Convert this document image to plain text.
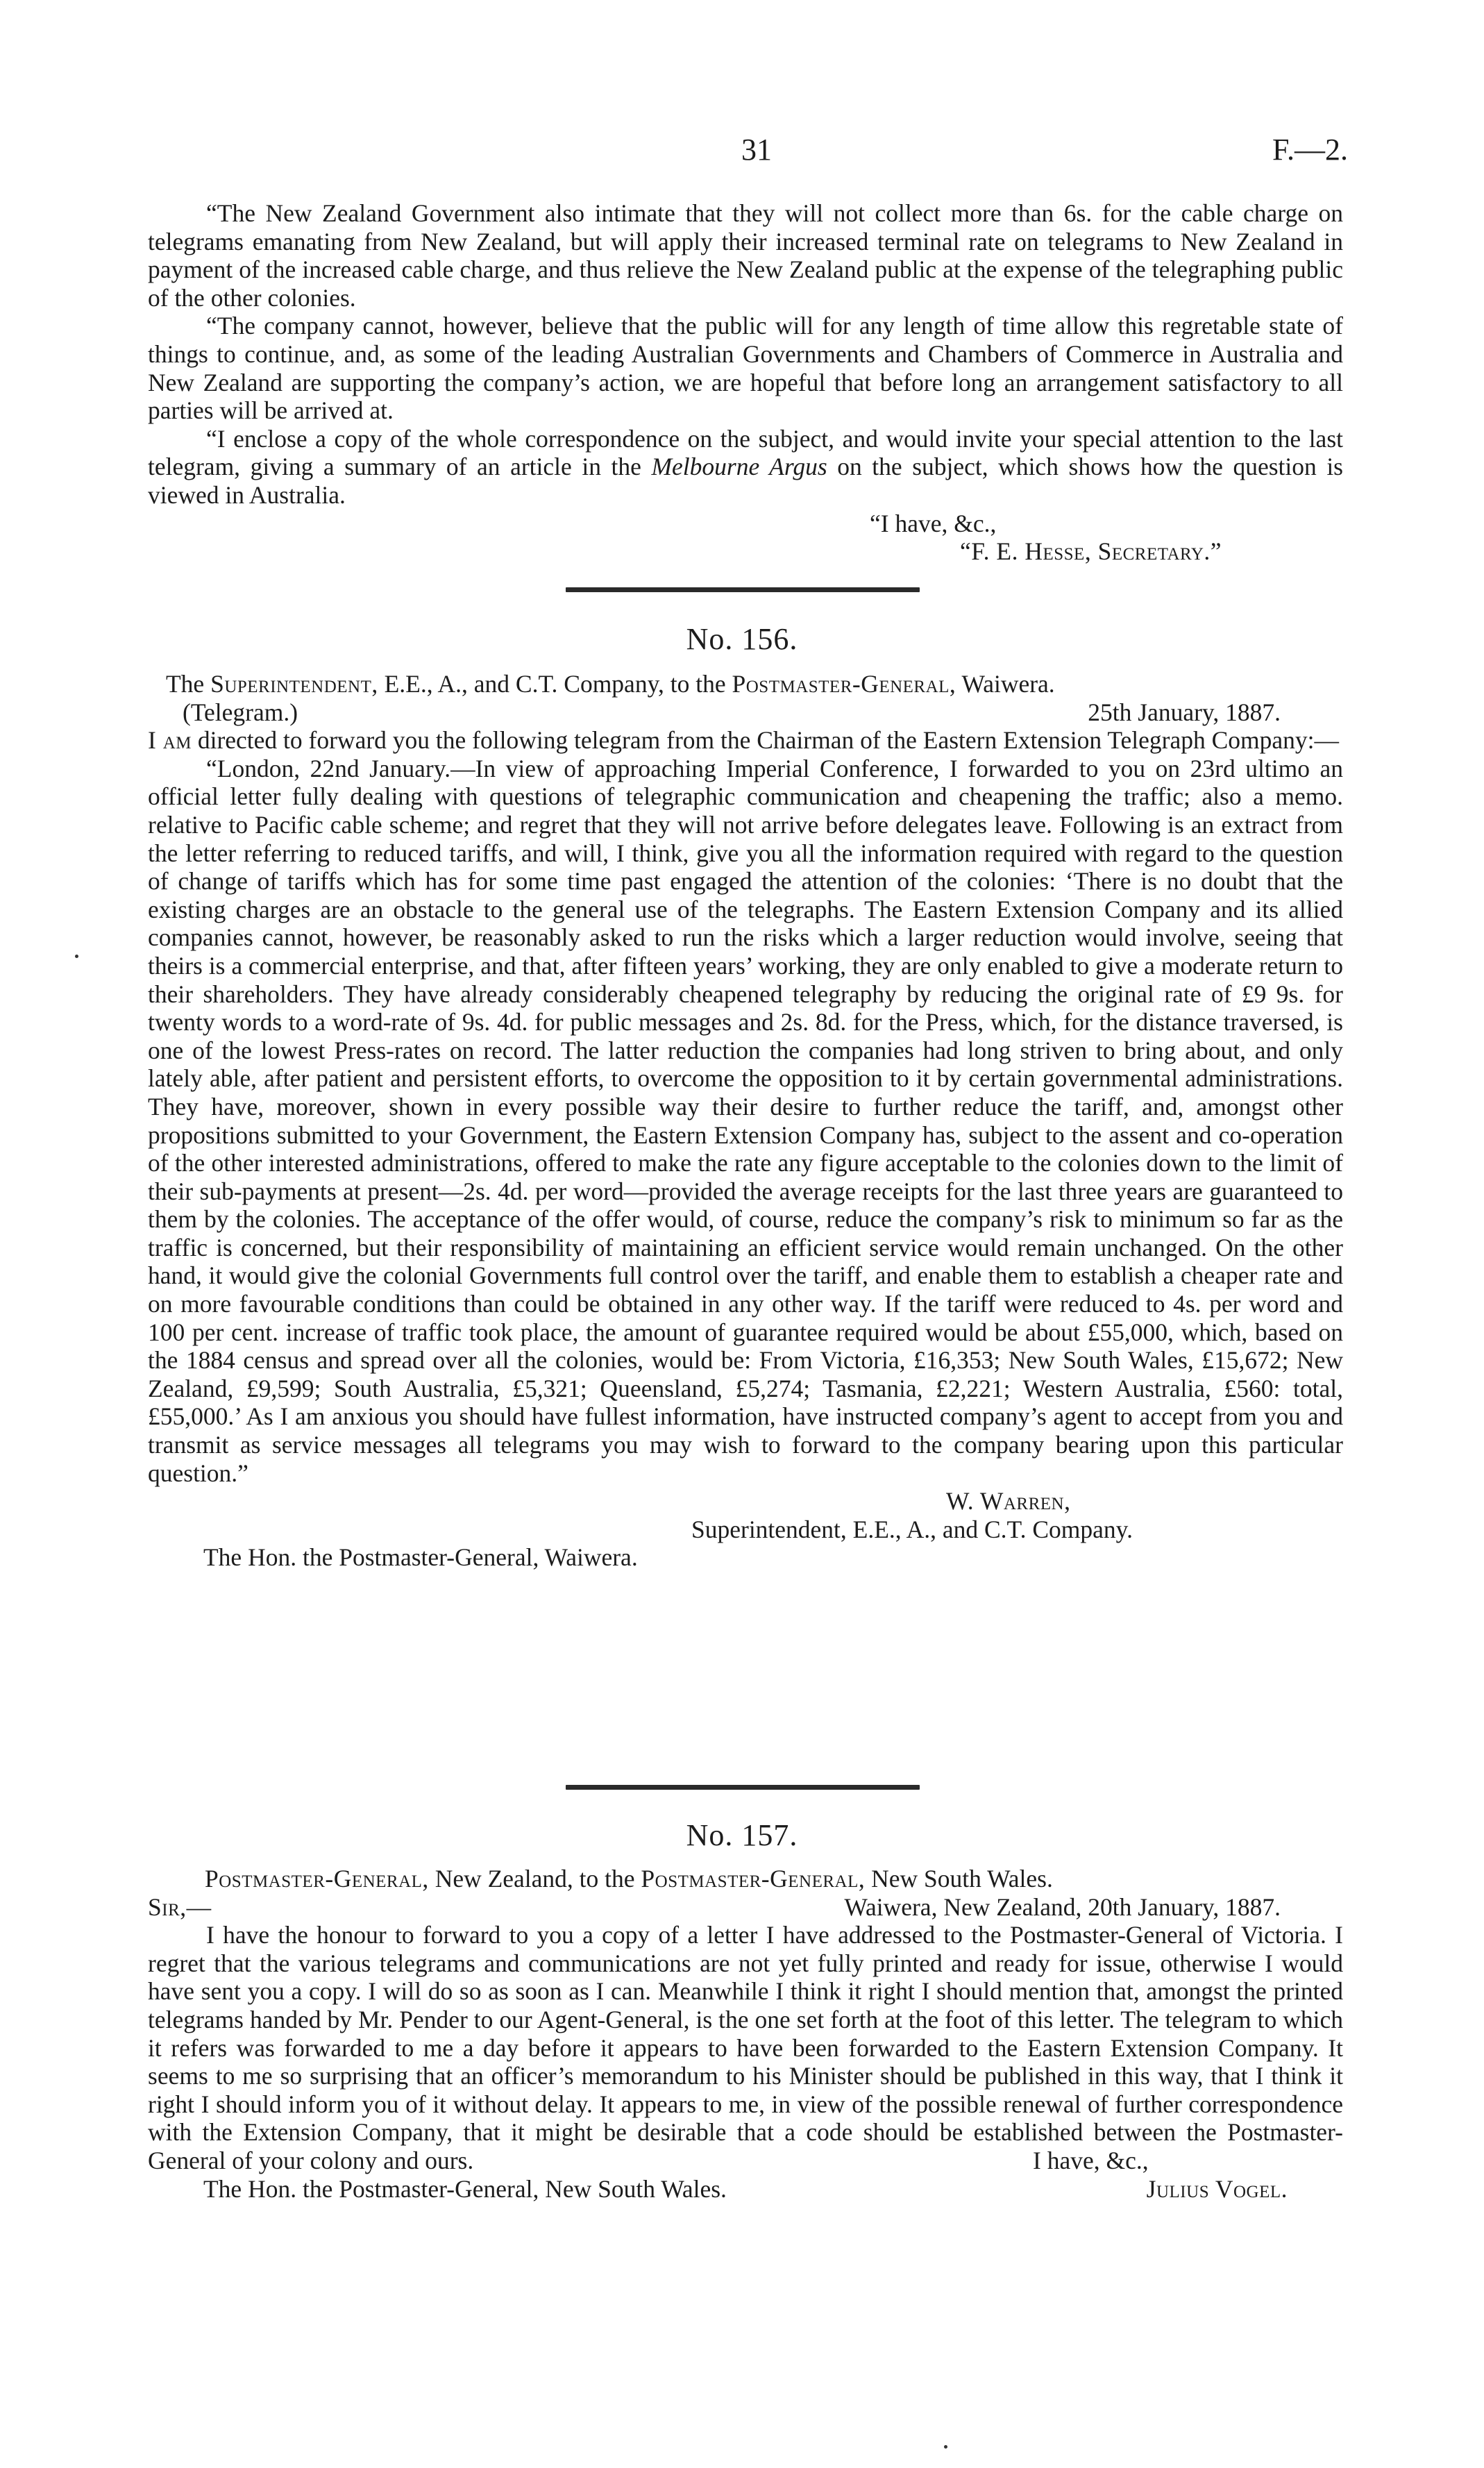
31	F.—2.

“The New Zealand Government also intimate that they will not collect more than 6s. for the cable charge on telegrams emanating from New Zealand, but will apply their increased terminal rate on telegrams to New Zealand in payment of the increased cable charge, and thus relieve the New Zealand public at the expense of the telegraphing public of the other colonies.

“The company cannot, however, believe that the public will for any length of time allow this regretable state of things to continue, and, as some of the leading Australian Governments and Chambers of Commerce in Australia and New Zealand are supporting the company’s action, we are hopeful that before long an arrangement satisfactory to all parties will be arrived at.

“I enclose a copy of the whole correspondence on the subject, and would invite your special attention to the last telegram, giving a summary of an article in the Melbourne Argus on the subject, which shows how the question is viewed in Australia.

“I have, &c.,

“F. E. Hesse, Secretary.”

No. 156.

The Superintendent, E.E., A., and C.T. Company, to the Postmaster-General, Waiwera.

(Telegram.)	25th January, 1887.

I am directed to forward you the following telegram from the Chairman of the Eastern Extension Telegraph Company:—

“London, 22nd January.—In view of approaching Imperial Conference, I forwarded to you on 23rd ultimo an official letter fully dealing with questions of telegraphic communication and cheapening the traffic; also a memo. relative to Pacific cable scheme; and regret that they will not arrive before delegates leave. Following is an extract from the letter referring to reduced tariffs, and will, I think, give you all the information required with regard to the question of change of tariffs which has for some time past engaged the attention of the colonies: ‘There is no doubt that the existing charges are an obstacle to the general use of the telegraphs. The Eastern Extension Company and its allied companies cannot, however, be reasonably asked to run the risks which a larger reduction would involve, seeing that theirs is a commercial enterprise, and that, after fifteen years’ working, they are only enabled to give a moderate return to their shareholders. They have already considerably cheapened telegraphy by reducing the original rate of £9 9s. for twenty words to a word-rate of 9s. 4d. for public messages and 2s. 8d. for the Press, which, for the distance traversed, is one of the lowest Press-rates on record. The latter reduction the companies had long striven to bring about, and only lately able, after patient and persistent efforts, to overcome the opposition to it by certain governmental administrations. They have, moreover, shown in every possible way their desire to further reduce the tariff, and, amongst other propositions submitted to your Government, the Eastern Extension Company has, subject to the assent and co-operation of the other interested administrations, offered to make the rate any figure acceptable to the colonies down to the limit of their sub-payments at present—2s. 4d. per word—provided the average receipts for the last three years are guaranteed to them by the colonies. The acceptance of the offer would, of course, reduce the company’s risk to minimum so far as the traffic is concerned, but their responsibility of maintaining an efficient service would remain unchanged. On the other hand, it would give the colonial Governments full control over the tariff, and enable them to establish a cheaper rate and on more favourable conditions than could be obtained in any other way. If the tariff were reduced to 4s. per word and 100 per cent. increase of traffic took place, the amount of guarantee required would be about £55,000, which, based on the 1884 census and spread over all the colonies, would be: From Victoria, £16,353; New South Wales, £15,672; New Zealand, £9,599; South Australia, £5,321; Queensland, £5,274; Tasmania, £2,221; Western Australia, £560: total, £55,000.’ As I am anxious you should have fullest information, have instructed company’s agent to accept from you and transmit as service messages all telegrams you may wish to forward to the company bearing upon this particular question.”

W. Warren,

Superintendent, E.E., A., and C.T. Company.

The Hon. the Postmaster-General, Waiwera.

No. 157.

Postmaster-General, New Zealand, to the Postmaster-General, New South Wales.

Sir,—	Waiwera, New Zealand, 20th January, 1887.

I have the honour to forward to you a copy of a letter I have addressed to the Postmaster-General of Victoria. I regret that the various telegrams and communications are not yet fully printed and ready for issue, otherwise I would have sent you a copy. I will do so as soon as I can. Meanwhile I think it right I should mention that, amongst the printed telegrams handed by Mr. Pender to our Agent-General, is the one set forth at the foot of this letter. The telegram to which it refers was forwarded to me a day before it appears to have been forwarded to the Eastern Extension Company. It seems to me so surprising that an officer’s memorandum to his Minister should be published in this way, that I think it right I should inform you of it without delay. It appears to me, in view of the possible renewal of further correspondence with the Extension Company, that it might be desirable that a code should be established between the Postmaster-General of your colony and ours.	I have, &c.,

The Hon. the Postmaster-General, New South Wales.	Julius Vogel.
